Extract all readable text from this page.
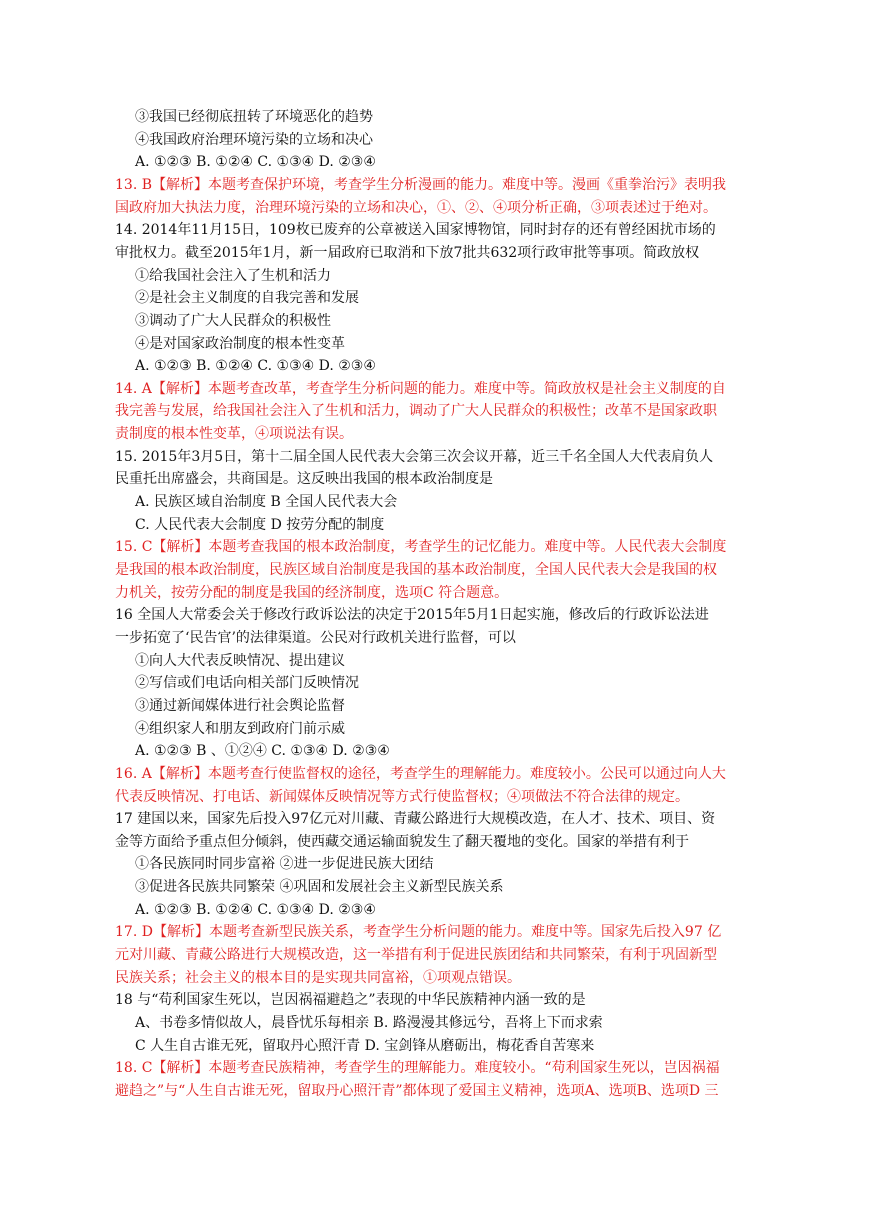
③我国已经彻底扭转了环境恶化的趋势
④我国政府治理环境污染的立场和决心
A. ①②③ B. ①②④ C. ①③④ D. ②③④
13. B【解析】本题考查保护环境，考查学生分析漫画的能力。难度中等。漫画《重拳治污》表明我
国政府加大执法力度，治理环境污染的立场和决心，①、②、④项分析正确，③项表述过于绝对。
14. 2014年11月15日，109枚已废弃的公章被送入国家博物馆，同时封存的还有曾经困扰市场的
审批权力。截至2015年1月，新一届政府已取消和下放7批共632项行政审批等事项。简政放权
①给我国社会注入了生机和活力
②是社会主义制度的自我完善和发展
③调动了广大人民群众的积极性
④是对国家政治制度的根本性变革
A. ①②③ B. ①②④ C. ①③④ D. ②③④
14. A【解析】本题考查改革，考查学生分析问题的能力。难度中等。简政放权是社会主义制度的自
我完善与发展，给我国社会注入了生机和活力，调动了广大人民群众的积极性；改革不是国家政职
责制度的根本性变革，④项说法有误。
15. 2015年3月5日，第十二届全国人民代表大会第三次会议开幕，近三千名全国人大代表肩负人
民重托出席盛会，共商国是。这反映出我国的根本政治制度是
A. 民族区域自治制度 B 全国人民代表大会
C. 人民代表大会制度 D 按劳分配的制度
15. C【解析】本题考查我国的根本政治制度，考查学生的记忆能力。难度中等。人民代表大会制度
是我国的根本政治制度，民族区域自治制度是我国的基本政治制度，全国人民代表大会是我国的权
力机关，按劳分配的制度是我国的经济制度，选项C 符合题意。
16 全国人大常委会关于修改行政诉讼法的决定于2015年5月1日起实施，修改后的行政诉讼法进
一步拓宽了‘民告官’的法律渠道。公民对行政机关进行监督，可以
①向人大代表反映情况、提出建议
②写信或们电话向相关部门反映情况
③通过新闻媒体进行社会舆论监督
④组织家人和朋友到政府门前示威
A. ①②③ B 、①②④ C. ①③④ D. ②③④
16. A【解析】本题考查行使监督权的途径，考查学生的理解能力。难度较小。公民可以通过向人大
代表反映情况、打电话、新闻媒体反映情况等方式行使监督权；④项做法不符合法律的规定。
17 建国以来，国家先后投入97亿元对川藏、青藏公路进行大规模改造，在人才、技术、项目、资
金等方面给予重点但分倾斜，使西藏交通运输面貌发生了翻天覆地的变化。国家的举措有利于
①各民族同时同步富裕 ②进一步促进民族大团结
③促进各民族共同繁荣 ④巩固和发展社会主义新型民族关系
A. ①②③ B. ①②④ C. ①③④ D. ②③④
17. D【解析】本题考查新型民族关系，考查学生分析问题的能力。难度中等。国家先后投入97 亿
元对川藏、青藏公路进行大规模改造，这一举措有利于促进民族团结和共同繁荣，有利于巩固新型
民族关系；社会主义的根本目的是实现共同富裕，①项观点错误。
18 与“苟利国家生死以，岂因祸福避趋之”表现的中华民族精神内涵一致的是
A、书卷多情似故人，晨昏忧乐每相亲 B. 路漫漫其修远兮，吾将上下而求索
C 人生自古谁无死，留取丹心照汗青 D. 宝剑锋从磨砺出，梅花香自苦寒来
18. C【解析】本题考查民族精神，考查学生的理解能力。难度较小。“苟利国家生死以，岂因祸福
避趋之”与“人生自古谁无死，留取丹心照汗青”都体现了爱国主义精神，选项A、选项B、选项D 三
